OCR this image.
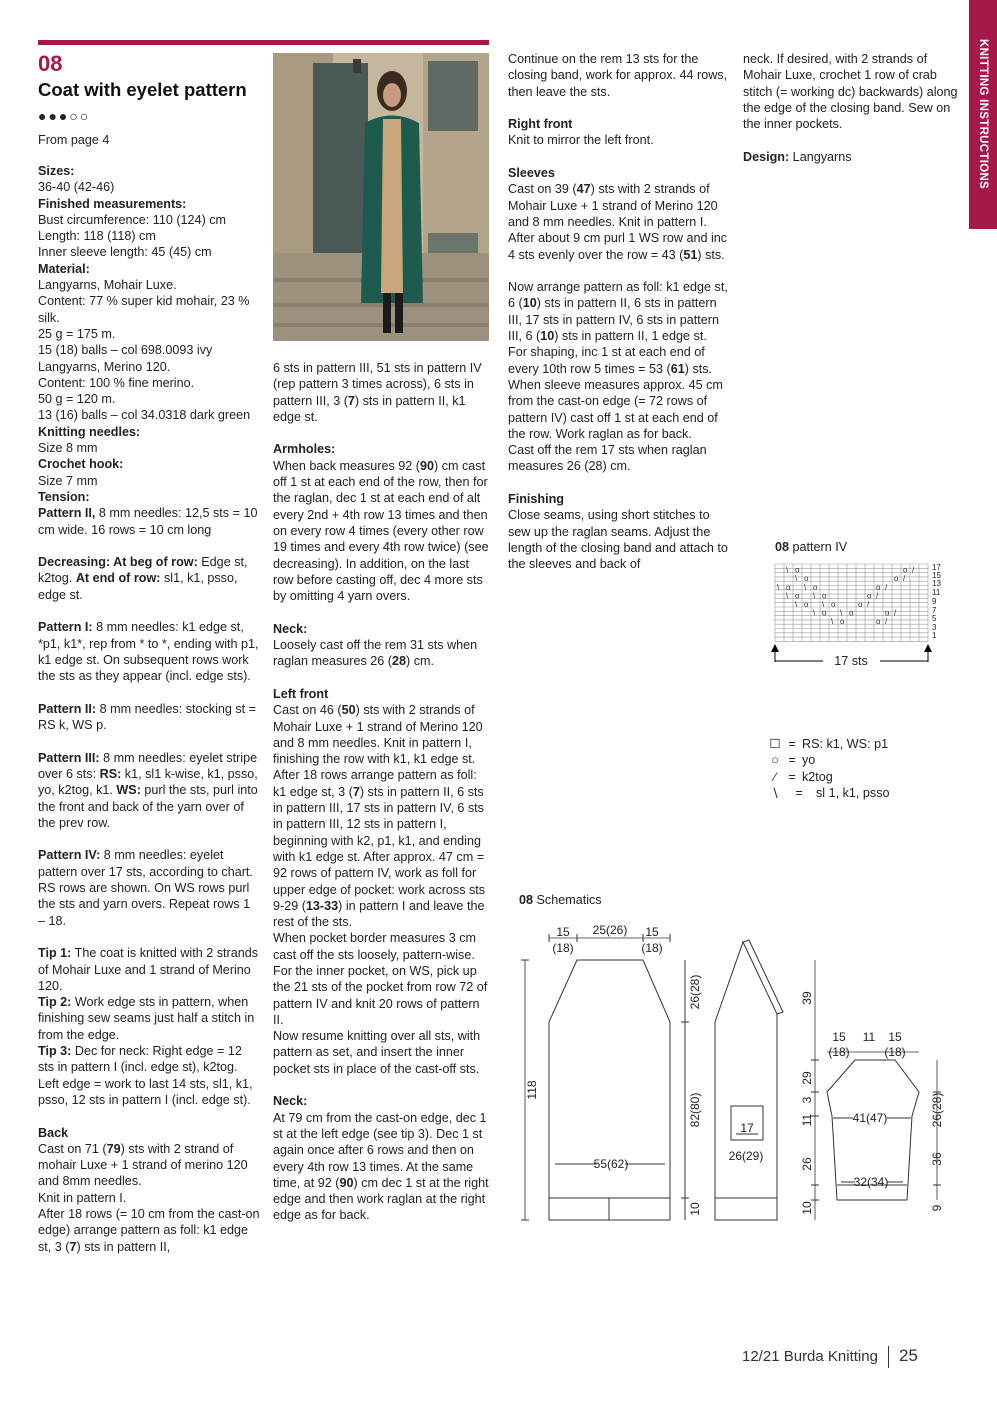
KNITTING INSTRUCTIONS
08
Coat with eyelet pattern
●●●○○
From page 4

Sizes:
36-40 (42-46)

Finished measurements:
Bust circumference: 110 (124) cm
Length: 118 (118) cm
Inner sleeve length: 45 (45) cm

Material:
Langyarns, Mohair Luxe.
Content: 77 % super kid mohair, 23 % silk.
25 g = 175 m.
15 (18) balls – col 698.0093 ivy
Langyarns, Merino 120.
Content: 100 % fine merino.
50 g = 120 m.
13 (16) balls – col 34.0318 dark green

Knitting needles:
Size 8 mm

Crochet hook:
Size 7 mm

Tension:
Pattern II, 8 mm needles: 12,5 sts = 10 cm wide. 16 rows = 10 cm long

Decreasing: At beg of row: Edge st, k2tog. At end of row: sl1, k1, psso, edge st.

Pattern I: 8 mm needles: k1 edge st, *p1, k1*, rep from * to *, ending with p1, k1 edge st. On subsequent rows work the sts as they appear (incl. edge sts).

Pattern II: 8 mm needles: stocking st = RS k, WS p.

Pattern III: 8 mm needles: eyelet stripe over 6 sts: RS: k1, sl1 k-wise, k1, psso, yo, k2tog, k1. WS: purl the sts, purl into the front and back of the yarn over of the prev row.

Pattern IV: 8 mm needles: eyelet pattern over 17 sts, according to chart. RS rows are shown. On WS rows purl the sts and yarn overs. Repeat rows 1 – 18.

Tip 1: The coat is knitted with 2 strands of Mohair Luxe and 1 strand of Merino 120.
Tip 2: Work edge sts in pattern, when finishing sew seams just half a stitch in from the edge.
Tip 3: Dec for neck: Right edge = 12 sts in pattern I (incl. edge st), k2tog. Left edge = work to last 14 sts, sl1, k1, psso, 12 sts in pattern I (incl. edge st).

Back
Cast on 71 (79) sts with 2 strand of mohair Luxe + 1 strand of merino 120 and 8mm needles.
Knit in pattern I.
After 18 rows (= 10 cm from the cast-on edge) arrange pattern as foll: k1 edge st, 3 (7) sts in pattern II,

6 sts in pattern III, 51 sts in pattern IV (rep pattern 3 times across), 6 sts in pattern III, 3 (7) sts in pattern II, k1 edge st.

Armholes:
When back measures 92 (90) cm cast off 1 st at each end of the row, then for the raglan, dec 1 st at each end of alt every 2nd + 4th row 13 times and then on every row 4 times (every other row 19 times and every 4th row twice) (see decreasing). In addition, on the last row before casting off, dec 4 more sts by omitting 4 yarn overs.

Neck:
Loosely cast off the rem 31 sts when raglan measures 26 (28) cm.

Left front
Cast on 46 (50) sts with 2 strands of Mohair Luxe + 1 strand of Merino 120 and 8 mm needles. Knit in pattern I, finishing the row with k1, k1 edge st.
After 18 rows arrange pattern as foll: k1 edge st, 3 (7) sts in pattern II, 6 sts in pattern III, 17 sts in pattern IV, 6 sts in pattern III, 12 sts in pattern I, beginning with k2, p1, k1, and ending with k1 edge st. After approx. 47 cm = 92 rows of pattern IV, work as foll for upper edge of pocket: work across sts 9-29 (13-33) in pattern I and leave the rest of the sts.
When pocket border measures 3 cm cast off the sts loosely, pattern-wise.
For the inner pocket, on WS, pick up the 21 sts of the pocket from row 72 of pattern IV and knit 20 rows of pattern II.
Now resume knitting over all sts, with pattern as set, and insert the inner pocket sts in place of the cast-off sts.

Neck:
At 79 cm from the cast-on edge, dec 1 st at the left edge (see tip 3). Dec 1 st again once after 6 rows and then on every 4th row 13 times. At the same time, at 92 (90) cm dec 1 st at the right edge and then work raglan at the right edge as for back.

Continue on the rem 13 sts for the closing band, work for approx. 44 rows, then leave the sts.

Right front
Knit to mirror the left front.

Sleeves
Cast on 39 (47) sts with 2 strands of Mohair Luxe + 1 strand of Merino 120 and 8 mm needles. Knit in pattern I. After about 9 cm purl 1 WS row and inc 4 sts evenly over the row = 43 (51) sts.

Now arrange pattern as foll: k1 edge st, 6 (10) sts in pattern II, 6 sts in pattern III, 17 sts in pattern IV, 6 sts in pattern III, 6 (10) sts in pattern II, 1 edge st.
For shaping, inc 1 st at each end of every 10th row 5 times = 53 (61) sts. When sleeve measures approx. 45 cm from the cast-on edge (= 72 rows of pattern IV) cast off 1 st at each end of the row. Work raglan as for back.
Cast off the rem 17 sts when raglan measures 26 (28) cm.

Finishing
Close seams, using short stitches to sew up the raglan seams. Adjust the length of the closing band and attach to the sleeves and back of

neck. If desired, with 2 strands of Mohair Luxe, crochet 1 row of crab stitch (= working dc) backwards) along the edge of the closing band. Sew on the inner pockets.

Design: Langyarns

08 pattern IV
\ o
\ o
\ o \ o
\ o \ o
\ o \ o
\ o \ o
\ o
o /
o /
o /
o /
o /
o /
o /
17
15
13
11
9
7
5
3
1
17 sts
☐ = RS: k1, WS: p1
○ = yo
∕ = k2tog
∖ = sl 1, k1, psso
08 Schematics
15
(18)
25(26) 15
(18)
118
26(28)
82(80)
10
55(62)
17
26(29)
39
29
3
11
26
10
15
(18)
11 15
(18)
41(47)
32(34)
26(28)
36
9
12/21 Burda Knitting 25
